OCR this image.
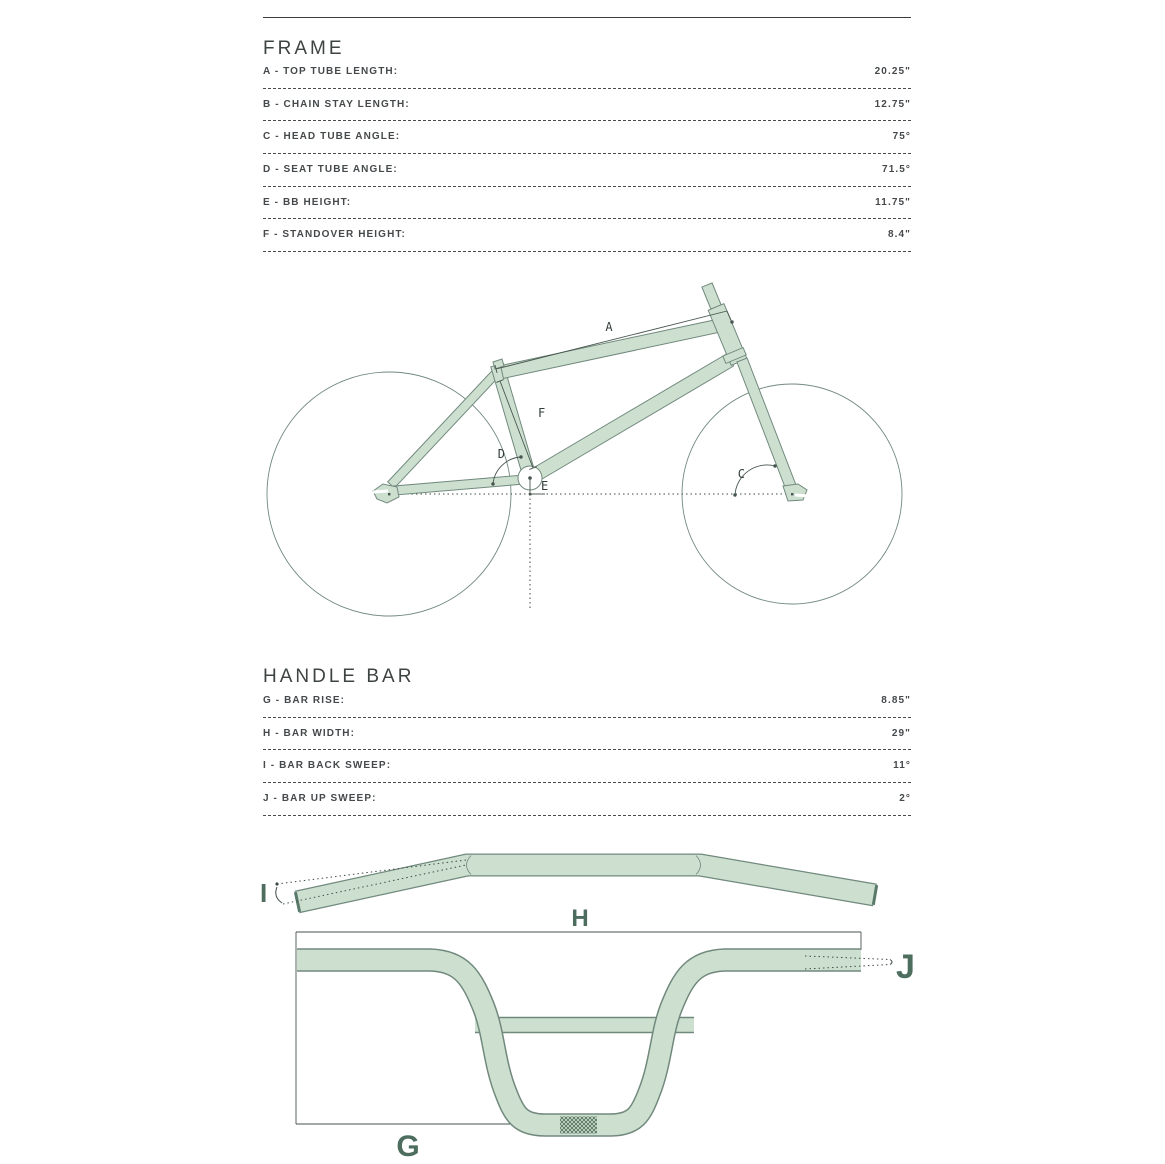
FRAME
A - TOP TUBE LENGTH:	20.25"
B - CHAIN STAY LENGTH:	12.75"
C - HEAD TUBE ANGLE:	75°
D - SEAT TUBE ANGLE:	71.5°
E - BB HEIGHT:	11.75"
F - STANDOVER HEIGHT:	8.4"
A
F
D
E
C
HANDLE BAR
G - BAR RISE:	8.85"
H - BAR WIDTH:	29"
I - BAR BACK SWEEP:	11°
J - BAR UP SWEEP:	2°
I
H
J
G
